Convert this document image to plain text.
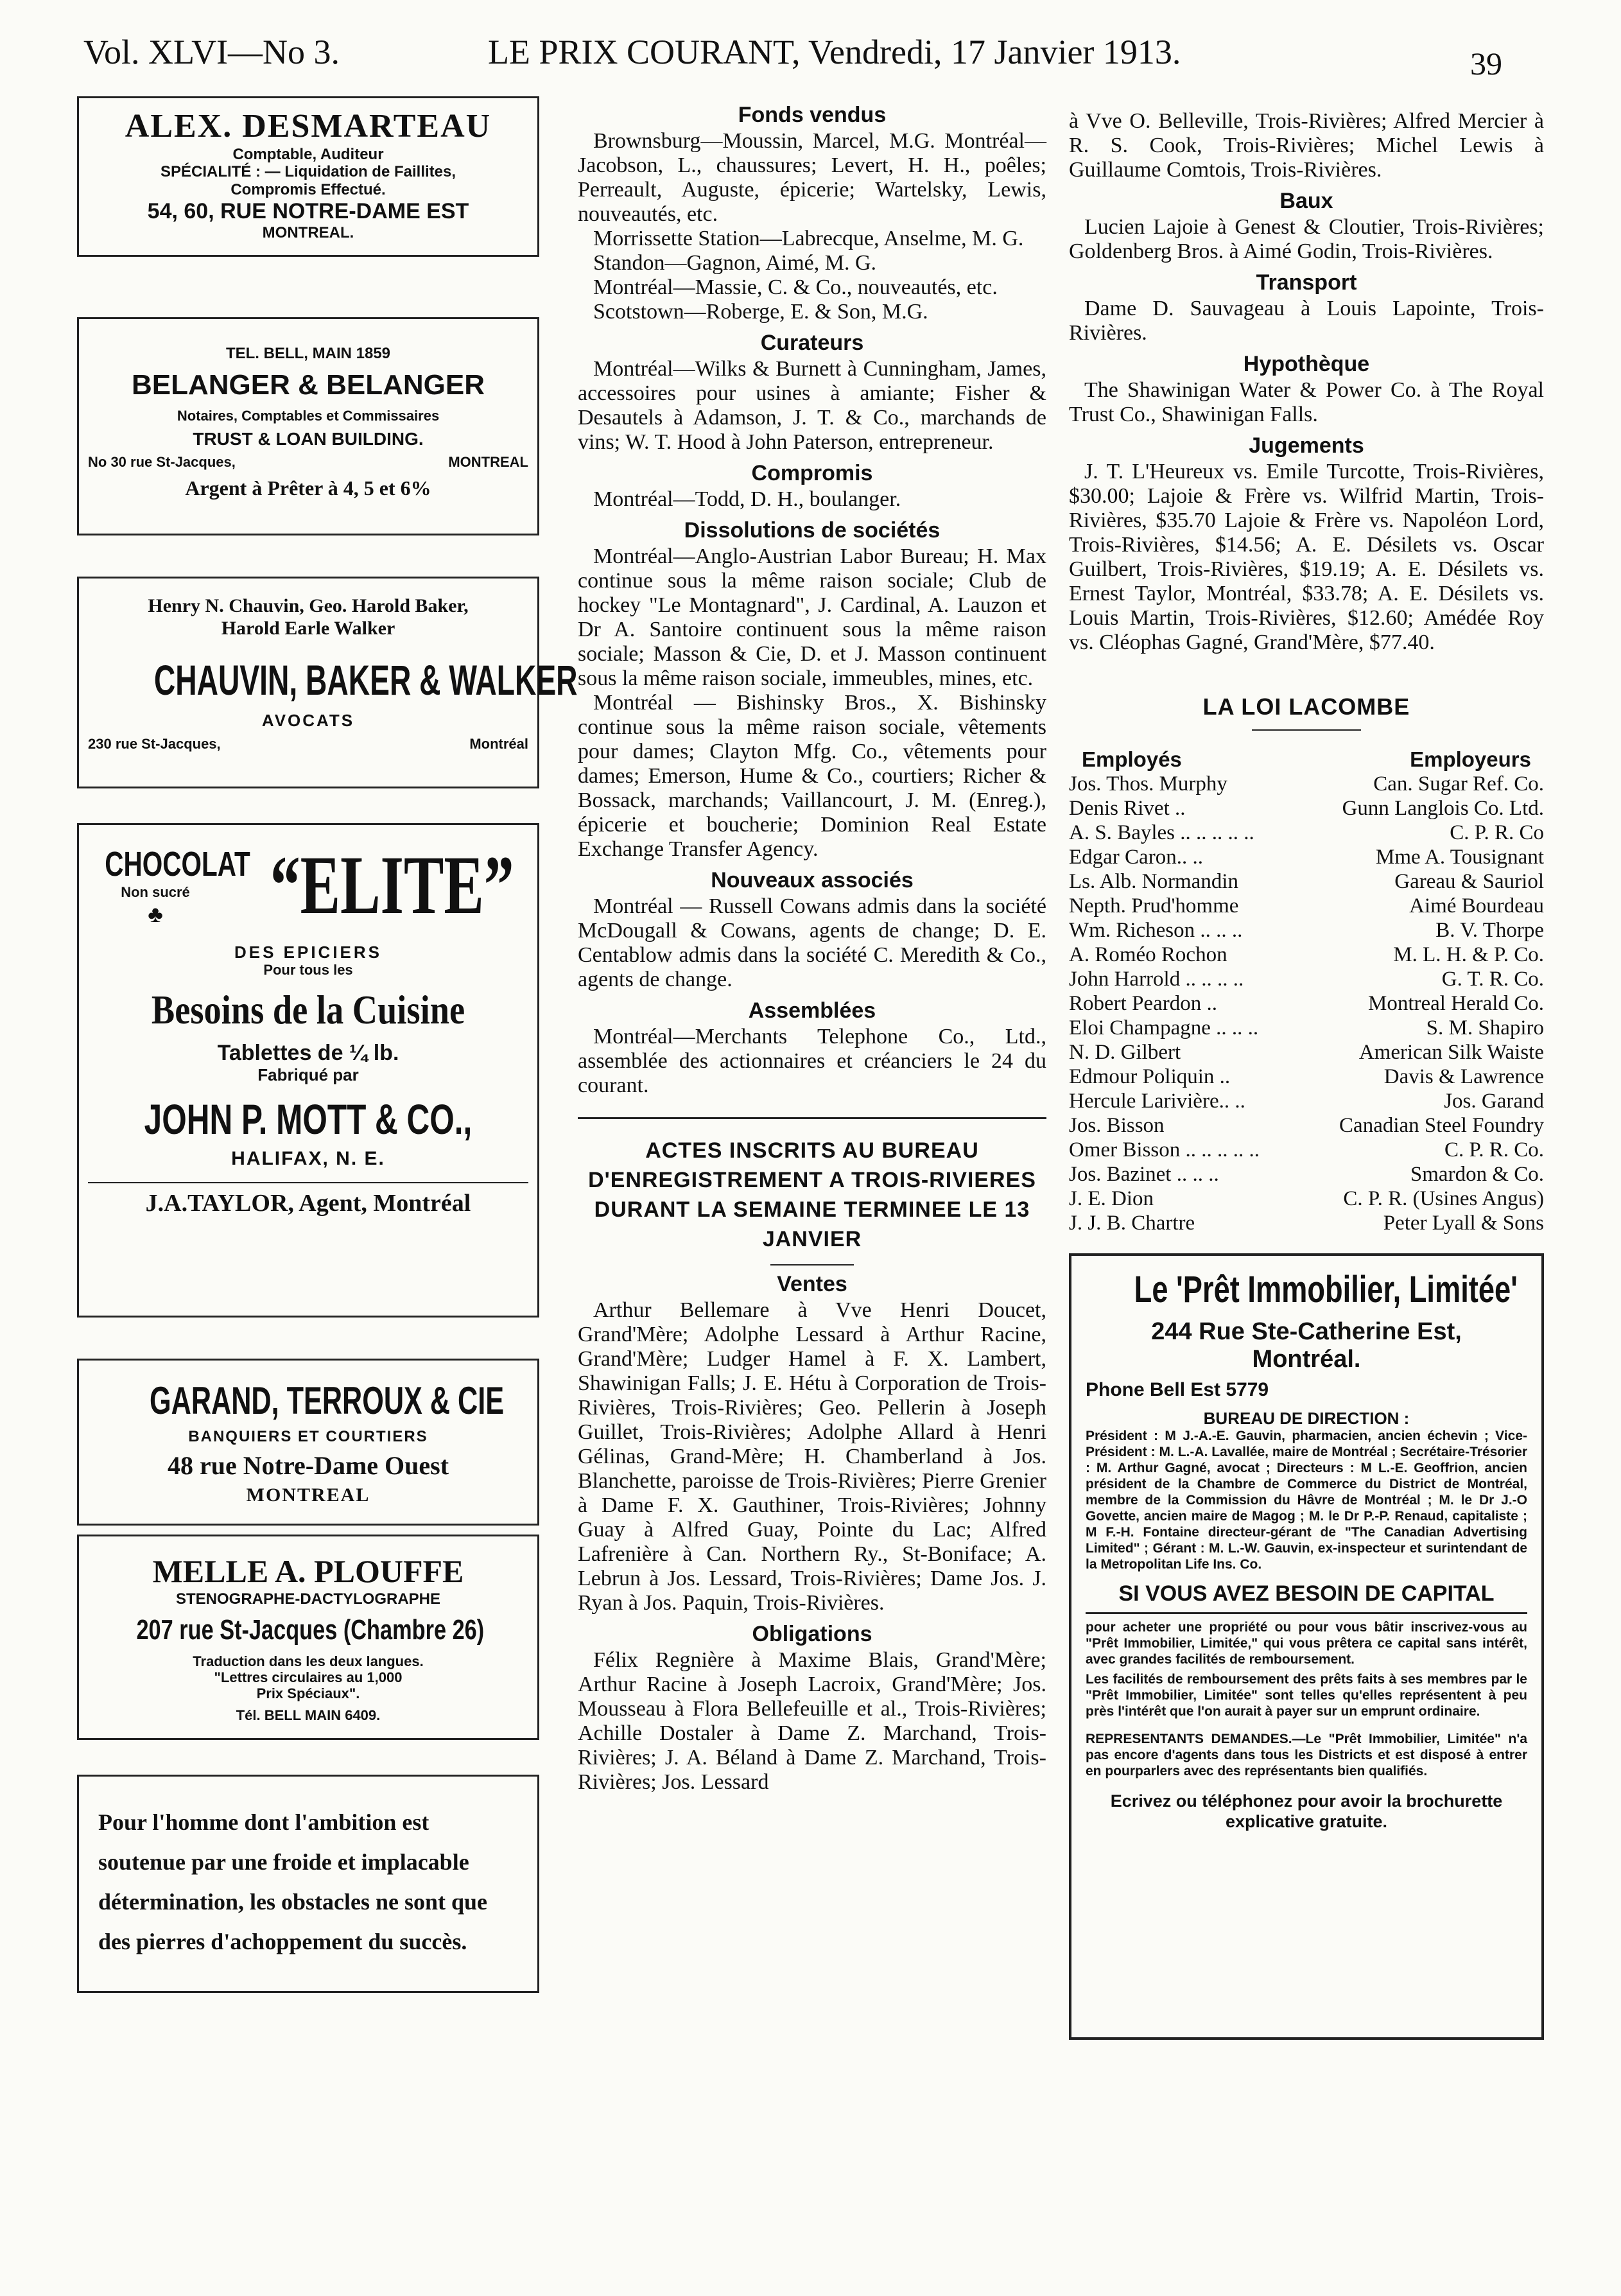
Vol. XLVI—No 3.	LE PRIX COURANT, Vendredi, 17 Janvier 1913.	39
ALEX. DESMARTEAU
Comptable, Auditeur
SPÉCIALITÉ : — Liquidation de Faillites,
Compromis Effectué.
54, 60, RUE NOTRE-DAME EST
MONTREAL.
TEL. BELL, MAIN 1859
BELANGER & BELANGER
Notaires, Comptables et Commissaires
TRUST & LOAN BUILDING.
No 30 rue St-Jacques,	MONTREAL
Argent à Prêter à 4, 5 et 6%
Henry N. Chauvin, Geo. Harold Baker,
Harold Earle Walker
CHAUVIN, BAKER & WALKER
AVOCATS
230 rue St-Jacques,	Montréal
CHOCOLAT
Non sucré
♣	“ELITE”
DES EPICIERS
Pour tous les
Besoins de la Cuisine
Tablettes de ¼ lb.
Fabriqué par
JOHN P. MOTT & CO.,
HALIFAX, N. E.
J.A.TAYLOR, Agent, Montréal
GARAND, TERROUX & CIE
BANQUIERS ET COURTIERS
48 rue Notre-Dame Ouest
MONTREAL
MELLE A. PLOUFFE
STENOGRAPHE-DACTYLOGRAPHE
207 rue St-Jacques (Chambre 26)
Traduction dans les deux langues.
"Lettres circulaires au 1,000
Prix Spéciaux".
Tél. BELL MAIN 6409.
Pour l'homme dont l'ambition est soutenue par une froide et implacable détermination, les obstacles ne sont que des pierres d'achoppement du succès.
Fonds vendus

Brownsburg—Moussin, Marcel, M.G. Montréal—Jacobson, L., chaussures; Levert, H. H., poêles; Perreault, Auguste, épicerie; Wartelsky, Lewis, nouveautés, etc.

Morrissette Station—Labrecque, Anselme, M. G.

Standon—Gagnon, Aimé, M. G.

Montréal—Massie, C. & Co., nouveautés, etc.

Scotstown—Roberge, E. & Son, M.G.

Curateurs

Montréal—Wilks & Burnett à Cunningham, James, accessoires pour usines à amiante; Fisher & Desautels à Adamson, J. T. & Co., marchands de vins; W. T. Hood à John Paterson, entrepreneur.

Compromis

Montréal—Todd, D. H., boulanger.

Dissolutions de sociétés

Montréal—Anglo-Austrian Labor Bureau; H. Max continue sous la même raison sociale; Club de hockey "Le Montagnard", J. Cardinal, A. Lauzon et Dr A. Santoire continuent sous la même raison sociale; Masson & Cie, D. et J. Masson continuent sous la même raison sociale, immeubles, mines, etc.

Montréal — Bishinsky Bros., X. Bishinsky continue sous la même raison sociale, vêtements pour dames; Clayton Mfg. Co., vêtements pour dames; Emerson, Hume & Co., courtiers; Richer & Bossack, marchands; Vaillancourt, J. M. (Enreg.), épicerie et boucherie; Dominion Real Estate Exchange Transfer Agency.

Nouveaux associés

Montréal — Russell Cowans admis dans la société McDougall & Cowans, agents de change; D. E. Centablow admis dans la société C. Meredith & Co., agents de change.

Assemblées

Montréal—Merchants Telephone Co., Ltd., assemblée des actionnaires et créanciers le 24 du courant.

ACTES INSCRITS AU BUREAU D'ENREGISTREMENT A TROIS-RIVIERES DURANT LA SEMAINE TERMINEE LE 13 JANVIER
Ventes

Arthur Bellemare à Vve Henri Doucet, Grand'Mère; Adolphe Lessard à Arthur Racine, Grand'Mère; Ludger Hamel à F. X. Lambert, Shawinigan Falls; J. E. Hétu à Corporation de Trois-Rivières, Trois-Rivières; Geo. Pellerin à Joseph Guillet, Trois-Rivières; Adolphe Allard à Henri Gélinas, Grand-Mère; H. Chamberland à Jos. Blanchette, paroisse de Trois-Rivières; Pierre Grenier à Dame F. X. Gauthiner, Trois-Rivières; Johnny Guay à Alfred Guay, Pointe du Lac; Alfred Lafrenière à Can. Northern Ry., St-Boniface; A. Lebrun à Jos. Lessard, Trois-Rivières; Dame Jos. J. Ryan à Jos. Paquin, Trois-Rivières.

Obligations

Félix Regnière à Maxime Blais, Grand'Mère; Arthur Racine à Joseph Lacroix, Grand'Mère; Jos. Mousseau à Flora Bellefeuille et al., Trois-Rivières; Achille Dostaler à Dame Z. Marchand, Trois-Rivières; J. A. Béland à Dame Z. Marchand, Trois-Rivières; Jos. Lessard

à Vve O. Belleville, Trois-Rivières; Alfred Mercier à R. S. Cook, Trois-Rivières; Michel Lewis à Guillaume Comtois, Trois-Rivières.

Baux

Lucien Lajoie à Genest & Cloutier, Trois-Rivières; Goldenberg Bros. à Aimé Godin, Trois-Rivières.

Transport

Dame D. Sauvageau à Louis Lapointe, Trois-Rivières.

Hypothèque

The Shawinigan Water & Power Co. à The Royal Trust Co., Shawinigan Falls.

Jugements

J. T. L'Heureux vs. Emile Turcotte, Trois-Rivières, $30.00; Lajoie & Frère vs. Wilfrid Martin, Trois-Rivières, $35.70 Lajoie & Frère vs. Napoléon Lord, Trois-Rivières, $14.56; A. E. Désilets vs. Oscar Guilbert, Trois-Rivières, $19.19; A. E. Désilets vs. Ernest Taylor, Montréal, $33.78; A. E. Désilets vs. Louis Martin, Trois-Rivières, $12.60; Amédée Roy vs. Cléophas Gagné, Grand'Mère, $77.40.

LA LOI LACOMBE
Employés	Employeurs
Jos. Thos. Murphy	Can. Sugar Ref. Co.
Denis Rivet ..	Gunn Langlois Co. Ltd.
A. S. Bayles .. .. .. .. ..	C. P. R. Co
Edgar Caron.. ..	Mme A. Tousignant
Ls. Alb. Normandin	Gareau & Sauriol
Nepth. Prud'homme	Aimé Bourdeau
Wm. Richeson .. .. ..	B. V. Thorpe
A. Roméo Rochon	M. L. H. & P. Co.
John Harrold .. .. .. ..	G. T. R. Co.
Robert Peardon ..	Montreal Herald Co.
Eloi Champagne .. .. ..	S. M. Shapiro
N. D. Gilbert	American Silk Waiste
Edmour Poliquin ..	Davis & Lawrence
Hercule Larivière.. ..	Jos. Garand
Jos. Bisson	Canadian Steel Foundry
Omer Bisson .. .. .. .. ..	C. P. R. Co.
Jos. Bazinet .. .. ..	Smardon & Co.
J. E. Dion	C. P. R. (Usines Angus)
J. J. B. Chartre	Peter Lyall & Sons
Le 'Prêt Immobilier, Limitée'
244 Rue Ste-Catherine Est,
Montréal.
Phone Bell Est 5779
BUREAU DE DIRECTION :
Président : M J.-A.-E. Gauvin, pharmacien, ancien échevin ; Vice-Président : M. L.-A. Lavallée, maire de Montréal ; Secrétaire-Trésorier : M. Arthur Gagné, avocat ; Directeurs : M L.-E. Geoffrion, ancien président de la Chambre de Commerce du District de Montréal, membre de la Commission du Hâvre de Montréal ; M. le Dr J.-O Govette, ancien maire de Magog ; M. le Dr P.-P. Renaud, capitaliste ; M F.-H. Fontaine directeur-gérant de "The Canadian Advertising Limited" ; Gérant : M. L.-W. Gauvin, ex-inspecteur et surintendant de la Metropolitan Life Ins. Co.
SI VOUS AVEZ BESOIN DE CAPITAL
pour acheter une propriété ou pour vous bâtir inscrivez-vous au "Prêt Immobilier, Limitée," qui vous prêtera ce capital sans intérêt, avec grandes facilités de remboursement.
Les facilités de remboursement des prêts faits à ses membres par le "Prêt Immobilier, Limitée" sont telles qu'elles représentent à peu près l'intérêt que l'on aurait à payer sur un emprunt ordinaire.
REPRESENTANTS DEMANDES.—Le "Prêt Immobilier, Limitée" n'a pas encore d'agents dans tous les Districts et est disposé à entrer en pourparlers avec des représentants bien qualifiés.
Ecrivez ou téléphonez pour avoir la brochurette explicative gratuite.
